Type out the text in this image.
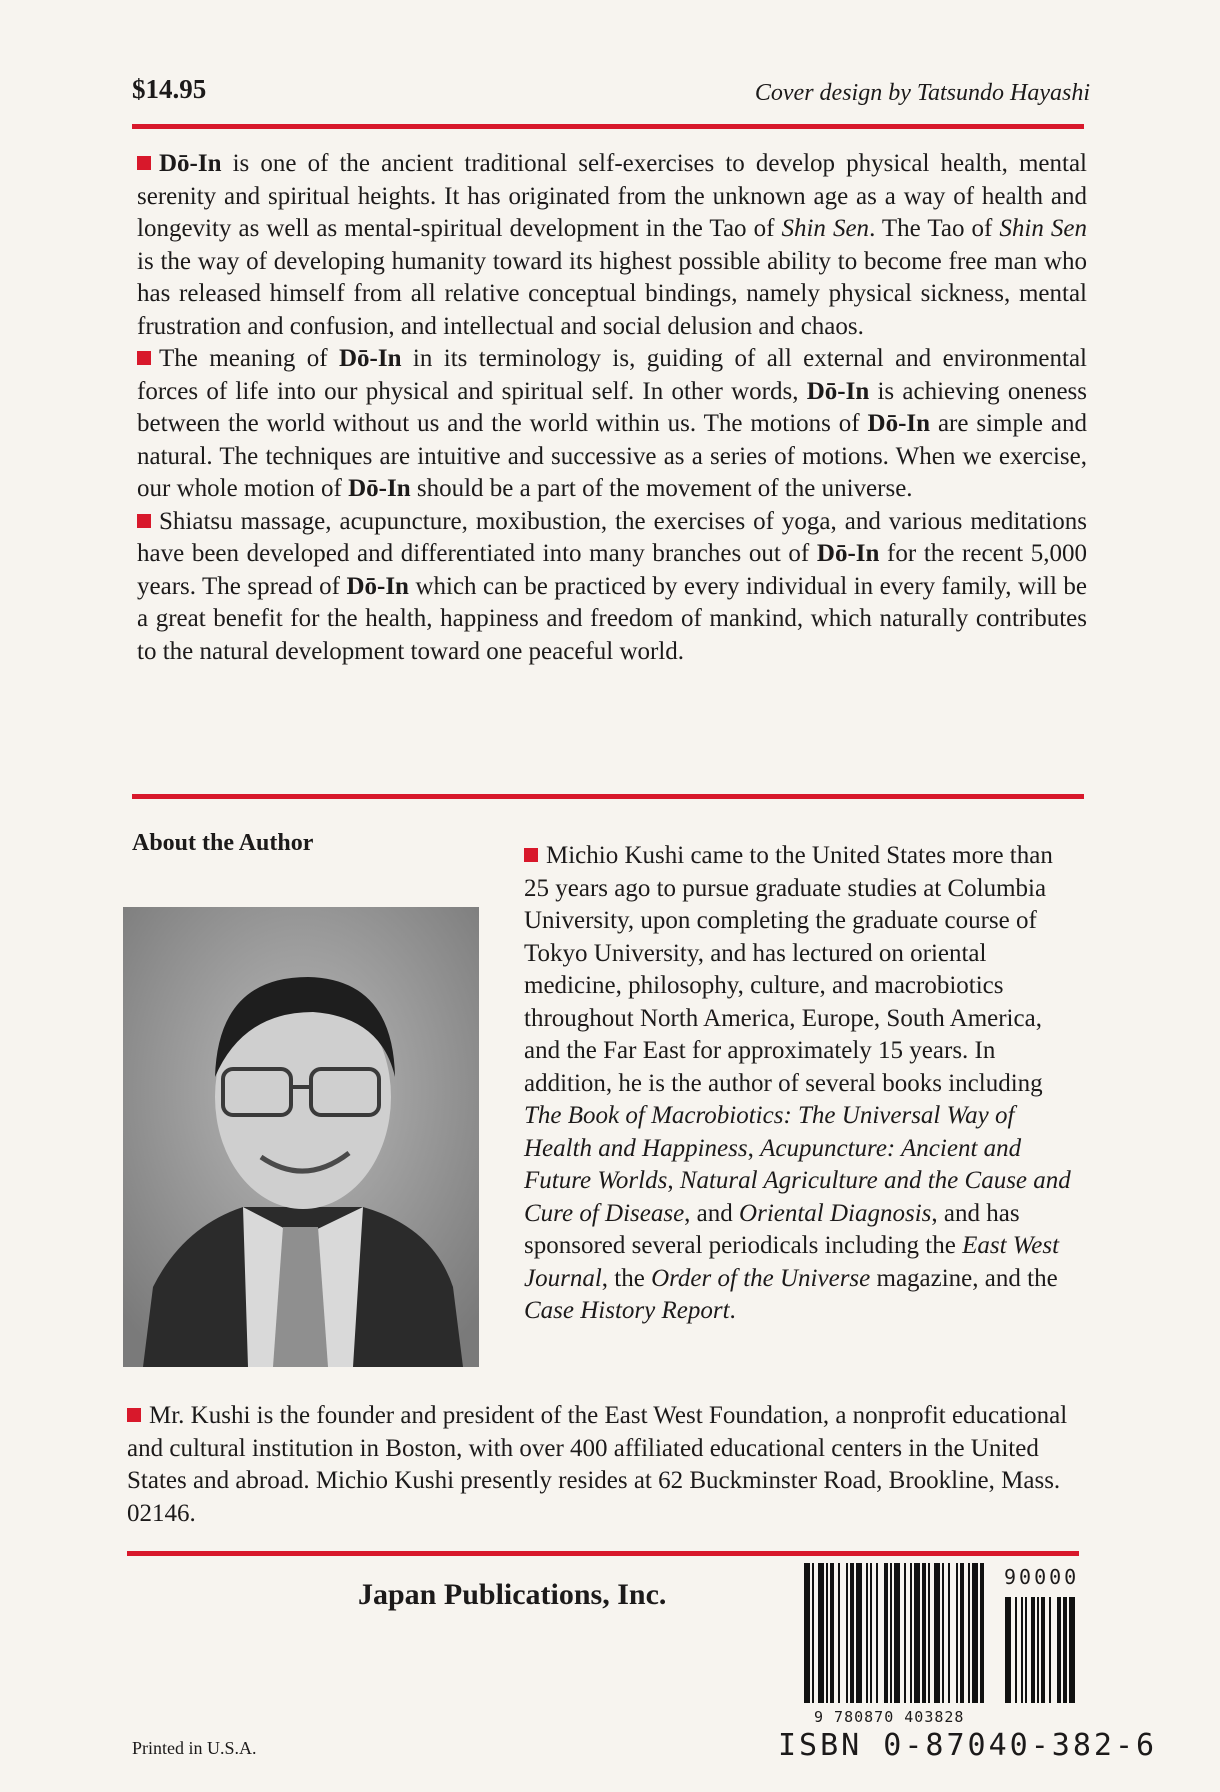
$14.95	Cover design by Tatsundo Hayashi

Dō-In is one of the ancient traditional self-exercises to develop physical health, mental serenity and spiritual heights. It has originated from the unknown age as a way of health and longevity as well as mental-spiritual development in the Tao of Shin Sen. The Tao of Shin Sen is the way of developing humanity toward its highest possible ability to become free man who has released himself from all relative conceptual bindings, namely physical sickness, mental frustration and confusion, and intellectual and social delusion and chaos.

The meaning of Dō-In in its terminology is, guiding of all external and environmental forces of life into our physical and spiritual self. In other words, Dō-In is achieving oneness between the world without us and the world within us. The motions of Dō-In are simple and natural. The techniques are intuitive and successive as a series of motions. When we exercise, our whole motion of Dō-In should be a part of the movement of the universe.

Shiatsu massage, acupuncture, moxibustion, the exercises of yoga, and various meditations have been developed and differentiated into many branches out of Dō-In for the recent 5,000 years. The spread of Dō-In which can be practiced by every individual in every family, will be a great benefit for the health, happiness and freedom of mankind, which naturally contributes to the natural development toward one peaceful world.

About the Author	Michio Kushi came to the United States more than 25 years ago to pursue graduate studies at Columbia University, upon completing the graduate course of Tokyo University, and has lectured on oriental medicine, philosophy, culture, and macrobiotics throughout North America, Europe, South America, and the Far East for approximately 15 years. In addition, he is the author of several books including The Book of Macrobiotics: The Universal Way of Health and Happiness, Acupuncture: Ancient and Future Worlds, Natural Agriculture and the Cause and Cure of Disease, and Oriental Diagnosis, and has sponsored several periodicals including the East West Journal, the Order of the Universe magazine, and the Case History Report.

Mr. Kushi is the founder and president of the East West Foundation, a nonprofit educational and cultural institution in Boston, with over 400 affiliated educational centers in the United States and abroad. Michio Kushi presently resides at 62 Buckminster Road, Brookline, Mass. 02146.

Japan Publications, Inc.
90000
9 780870 403828
ISBN 0-87040-382-6
Printed in U.S.A.
